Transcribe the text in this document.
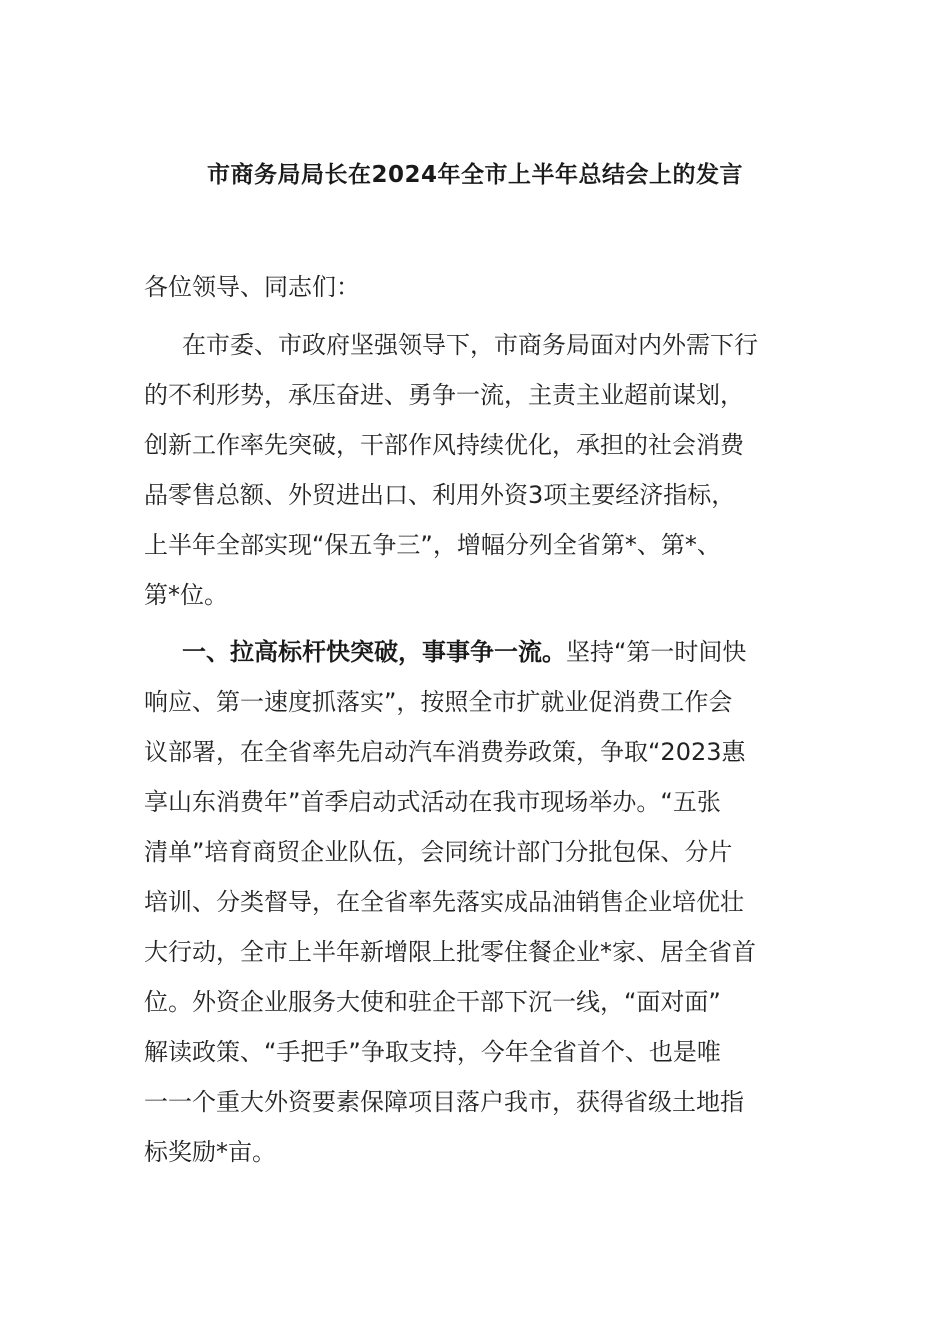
市商务局局长在2024年全市上半年总结会上的发言
各位领导、同志们：
在市委、市政府坚强领导下，市商务局面对内外需下行
的不利形势，承压奋进、勇争一流，主责主业超前谋划，
创新工作率先突破，干部作风持续优化，承担的社会消费
品零售总额、外贸进出口、利用外资3项主要经济指标，
上半年全部实现“保五争三”，增幅分列全省第*、第*、
第*位。
一、拉高标杆快突破，事事争一流。坚持“第一时间快
响应、第一速度抓落实”，按照全市扩就业促消费工作会
议部署，在全省率先启动汽车消费券政策，争取“2023惠
享山东消费年”首季启动式活动在我市现场举办。“五张
清单”培育商贸企业队伍，会同统计部门分批包保、分片
培训、分类督导，在全省率先落实成品油销售企业培优壮
大行动，全市上半年新增限上批零住餐企业*家、居全省首
位。外资企业服务大使和驻企干部下沉一线，“面对面”
解读政策、“手把手”争取支持，今年全省首个、也是唯
一一个重大外资要素保障项目落户我市，获得省级土地指
标奖励*亩。
